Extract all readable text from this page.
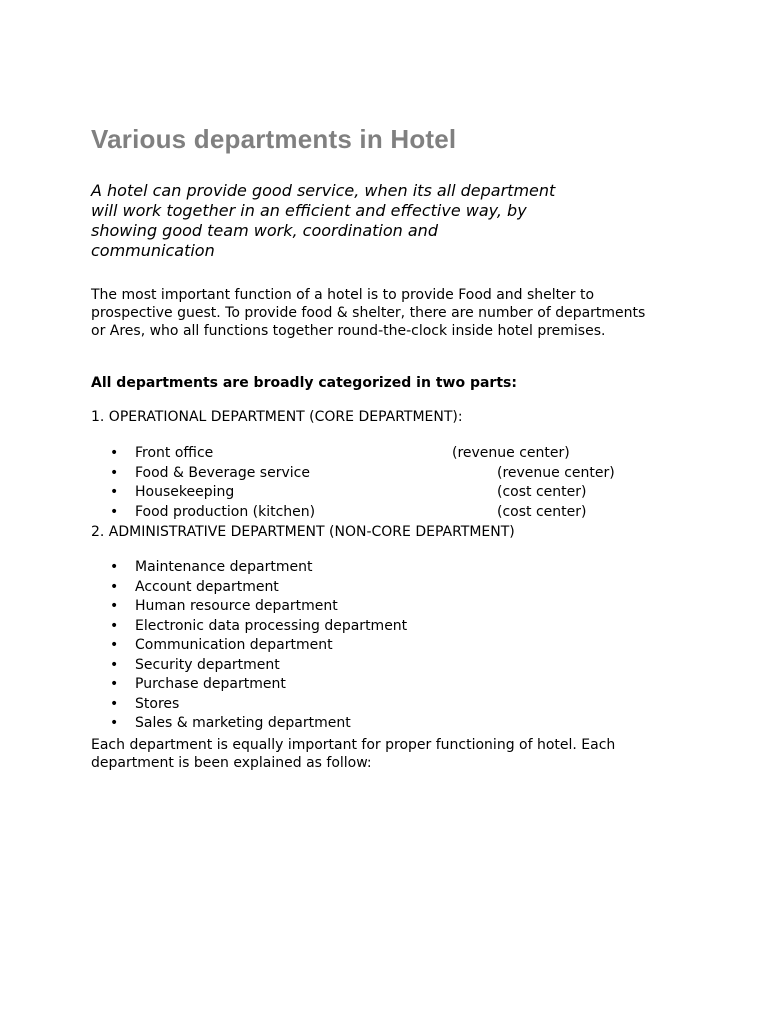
Various departments in Hotel
A hotel can provide good service, when its all department will work together in an efficient and effective way, by showing good team work, coordination and communication
The most important function of a hotel is to provide Food and shelter to prospective guest. To provide food & shelter, there are number of departments or Ares, who all functions together round-the-clock inside hotel premises.
All departments are broadly categorized in two parts:
1. OPERATIONAL DEPARTMENT (CORE DEPARTMENT):
• Front office	(revenue center)
• Food & Beverage service	(revenue center)
• Housekeeping	(cost center)
• Food production (kitchen)	(cost center)
2. ADMINISTRATIVE DEPARTMENT (NON-CORE DEPARTMENT)
• Maintenance department
• Account department
• Human resource department
• Electronic data processing department
• Communication department
• Security department
• Purchase department
• Stores
• Sales & marketing department
Each department is equally important for proper functioning of hotel. Each department is been explained as follow:
